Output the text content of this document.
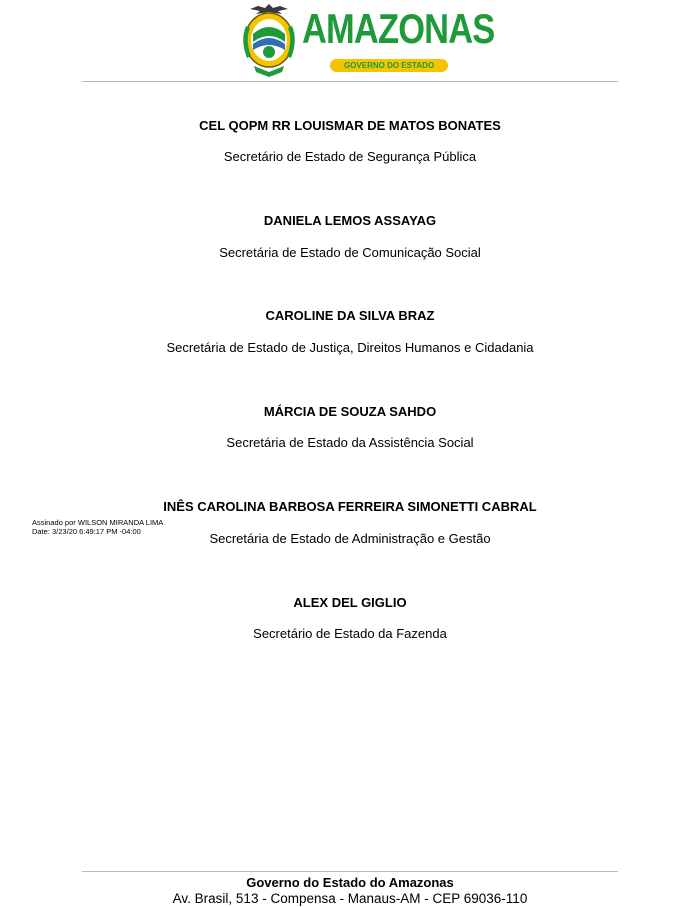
AMAZONAS
GOVERNO DO ESTADO
CEL QOPM RR LOUISMAR DE MATOS BONATES
Secretário de Estado de Segurança Pública
DANIELA LEMOS ASSAYAG
Secretária de Estado de Comunicação Social
CAROLINE DA SILVA BRAZ
Secretária de Estado de Justiça, Direitos Humanos e Cidadania
MÁRCIA DE SOUZA SAHDO
Secretária de Estado da Assistência Social
INÊS CAROLINA BARBOSA FERREIRA SIMONETTI CABRAL
Secretária de Estado de Administração e Gestão
Assinado por WILSON MIRANDA LIMA
Date: 3/23/20 6:49:17 PM -04:00
ALEX DEL GIGLIO
Secretário de Estado da Fazenda
Governo do Estado do Amazonas
Av. Brasil, 513 - Compensa - Manaus-AM - CEP 69036-110
